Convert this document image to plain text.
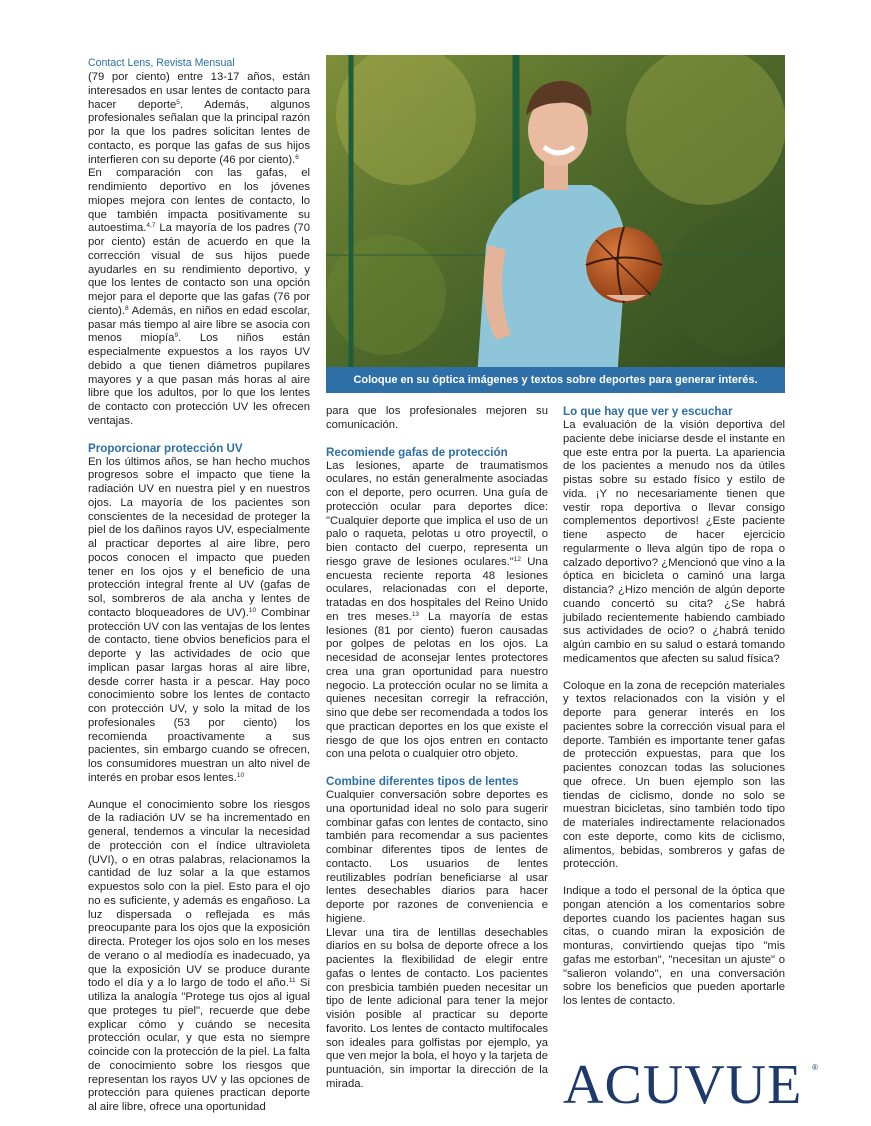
Contact Lens, Revista Mensual

(79 por ciento) entre 13-17 años, están interesados en usar lentes de contacto para hacer deporte$^5$. Además, algunos profesionales señalan que la principal razón por la que los padres solicitan lentes de contacto, es porque las gafas de sus hijos interfieren con su deporte (46 por ciento).$^6$

En comparación con las gafas, el rendimiento deportivo en los jóvenes miopes mejora con lentes de contacto, lo que también impacta positivamente su autoestima.$^{4,7}$ La mayoría de los padres (70 por ciento) están de acuerdo en que la corrección visual de sus hijos puede ayudarles en su rendimiento deportivo, y que los lentes de contacto son una opción mejor para el deporte que las gafas (76 por ciento).$^8$ Además, en niños en edad escolar, pasar más tiempo al aire libre se asocia con menos miopía$^9$. Los niños están especialmente expuestos a los rayos UV debido a que tienen diámetros pupilares mayores y a que pasan más horas al aire libre que los adultos, por lo que los lentes de contacto con protección UV les ofrecen ventajas.

Proporcionar protección UV

En los últimos años, se han hecho muchos progresos sobre el impacto que tiene la radiación UV en nuestra piel y en nuestros ojos. La mayoría de los pacientes son conscientes de la necesidad de proteger la piel de los dañinos rayos UV, especialmente al practicar deportes al aire libre, pero pocos conocen el impacto que pueden tener en los ojos y el beneficio de una protección integral frente al UV (gafas de sol, sombreros de ala ancha y lentes de contacto bloqueadores de UV).$^{10}$ Combinar protección UV con las ventajas de los lentes de contacto, tiene obvios beneficios para el deporte y las actividades de ocio que implican pasar largas horas al aire libre, desde correr hasta ir a pescar. Hay poco conocimiento sobre los lentes de contacto con protección UV, y solo la mitad de los profesionales (53 por ciento) los recomienda proactivamente a sus pacientes, sin embargo cuando se ofrecen, los consumidores muestran un alto nivel de interés en probar esos lentes.$^{10}$

Aunque el conocimiento sobre los riesgos de la radiación UV se ha incrementado en general, tendemos a vincular la necesidad de protección con el índice ultravioleta (UVI), o en otras palabras, relacionamos la cantidad de luz solar a la que estamos expuestos solo con la piel. Esto para el ojo no es suficiente, y además es engañoso. La luz dispersada o reflejada es más preocupante para los ojos que la exposición directa. Proteger los ojos solo en los meses de verano o al mediodía es inadecuado, ya que la exposición UV se produce durante todo el día y a lo largo de todo el año.$^{11}$ Si utiliza la analogía "Protege tus ojos al igual que proteges tu piel", recuerde que debe explicar cómo y cuándo se necesita protección ocular, y que esta no siempre coincide con la protección de la piel. La falta de conocimiento sobre los riesgos que representan los rayos UV y las opciones de protección para quienes practican deporte al aire libre, ofrece una oportunidad

Coloque en su óptica imágenes y textos sobre deportes para generar interés.

para que los profesionales mejoren su comunicación.

Recomiende gafas de protección

Las lesiones, aparte de traumatismos oculares, no están generalmente asociadas con el deporte, pero ocurren. Una guía de protección ocular para deportes dice: "Cualquier deporte que implica el uso de un palo o raqueta, pelotas u otro proyectil, o bien contacto del cuerpo, representa un riesgo grave de lesiones oculares."$^{12}$ Una encuesta reciente reporta 48 lesiones oculares, relacionadas con el deporte, tratadas en dos hospitales del Reino Unido en tres meses.$^{13}$ La mayoría de estas lesiones (81 por ciento) fueron causadas por golpes de pelotas en los ojos. La necesidad de aconsejar lentes protectores crea una gran oportunidad para nuestro negocio. La protección ocular no se limita a quienes necesitan corregir la refracción, sino que debe ser recomendada a todos los que practican deportes en los que existe el riesgo de que los ojos entren en contacto con una pelota o cualquier otro objeto.

Combine diferentes tipos de lentes

Cualquier conversación sobre deportes es una oportunidad ideal no solo para sugerir combinar gafas con lentes de contacto, sino también para recomendar a sus pacientes combinar diferentes tipos de lentes de contacto. Los usuarios de lentes reutilizables podrían beneficiarse al usar lentes desechables diarios para hacer deporte por razones de conveniencia e higiene.

Llevar una tira de lentillas desechables diarios en su bolsa de deporte ofrece a los pacientes la flexibilidad de elegir entre gafas o lentes de contacto. Los pacientes con presbicia también pueden necesitar un tipo de lente adicional para tener la mejor visión posible al practicar su deporte favorito. Los lentes de contacto multifocales son ideales para golfistas por ejemplo, ya que ven mejor la bola, el hoyo y la tarjeta de puntuación, sin importar la dirección de la mirada.

Lo que hay que ver y escuchar

La evaluación de la visión deportiva del paciente debe iniciarse desde el instante en que este entra por la puerta. La apariencia de los pacientes a menudo nos da útiles pistas sobre su estado físico y estilo de vida. ¡Y no necesariamente tienen que vestir ropa deportiva o llevar consigo complementos deportivos! ¿Este paciente tiene aspecto de hacer ejercicio regularmente o lleva algún tipo de ropa o calzado deportivo? ¿Mencionó que vino a la óptica en bicicleta o caminó una larga distancia? ¿Hizo mención de algún deporte cuando concertó su cita? ¿Se habrá jubilado recientemente habiendo cambiado sus actividades de ocio? o ¿habrá tenido algún cambio en su salud o estará tomando medicamentos que afecten su salud física?

Coloque en la zona de recepción materiales y textos relacionados con la visión y el deporte para generar interés en los pacientes sobre la corrección visual para el deporte. También es importante tener gafas de protección expuestas, para que los pacientes conozcan todas las soluciones que ofrece. Un buen ejemplo son las tiendas de ciclismo, donde no solo se muestran bicicletas, sino también todo tipo de materiales indirectamente relacionados con este deporte, como kits de ciclismo, alimentos, bebidas, sombreros y gafas de protección.

Indique a todo el personal de la óptica que pongan atención a los comentarios sobre deportes cuando los pacientes hagan sus citas, o cuando miran la exposición de monturas, convirtiendo quejas tipo "mis gafas me estorban", "necesitan un ajuste" o "salieron volando", en una conversación sobre los beneficios que pueden aportarle los lentes de contacto.

ACUVUE ®
